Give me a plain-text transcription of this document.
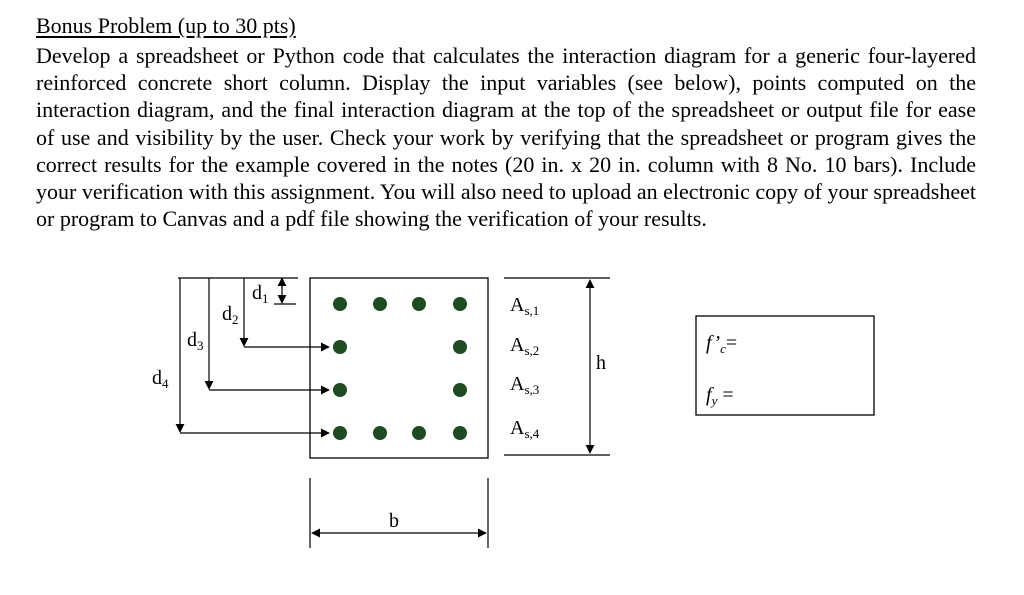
Bonus Problem (up to 30 pts)

Develop a spreadsheet or Python code that calculates the interaction diagram for a generic four-layered reinforced concrete short column. Display the input variables (see below), points computed on the interaction diagram, and the final interaction diagram at the top of the spreadsheet or output file for ease of use and visibility by the user. Check your work by verifying that the spreadsheet or program gives the correct results for the example covered in the notes (20 in. x 20 in. column with 8 No. 10 bars). Include your verification with this assignment. You will also need to upload an electronic copy of your spreadsheet or program to Canvas and a pdf file showing the verification of your results.

$d_1$
$d_2$
$d_3$
$d_4$
$A_{s,1}$
$A_{s,2}$
$A_{s,3}$
$A_{s,4}$
h
b
$f’_c=$
$f_y$ =
